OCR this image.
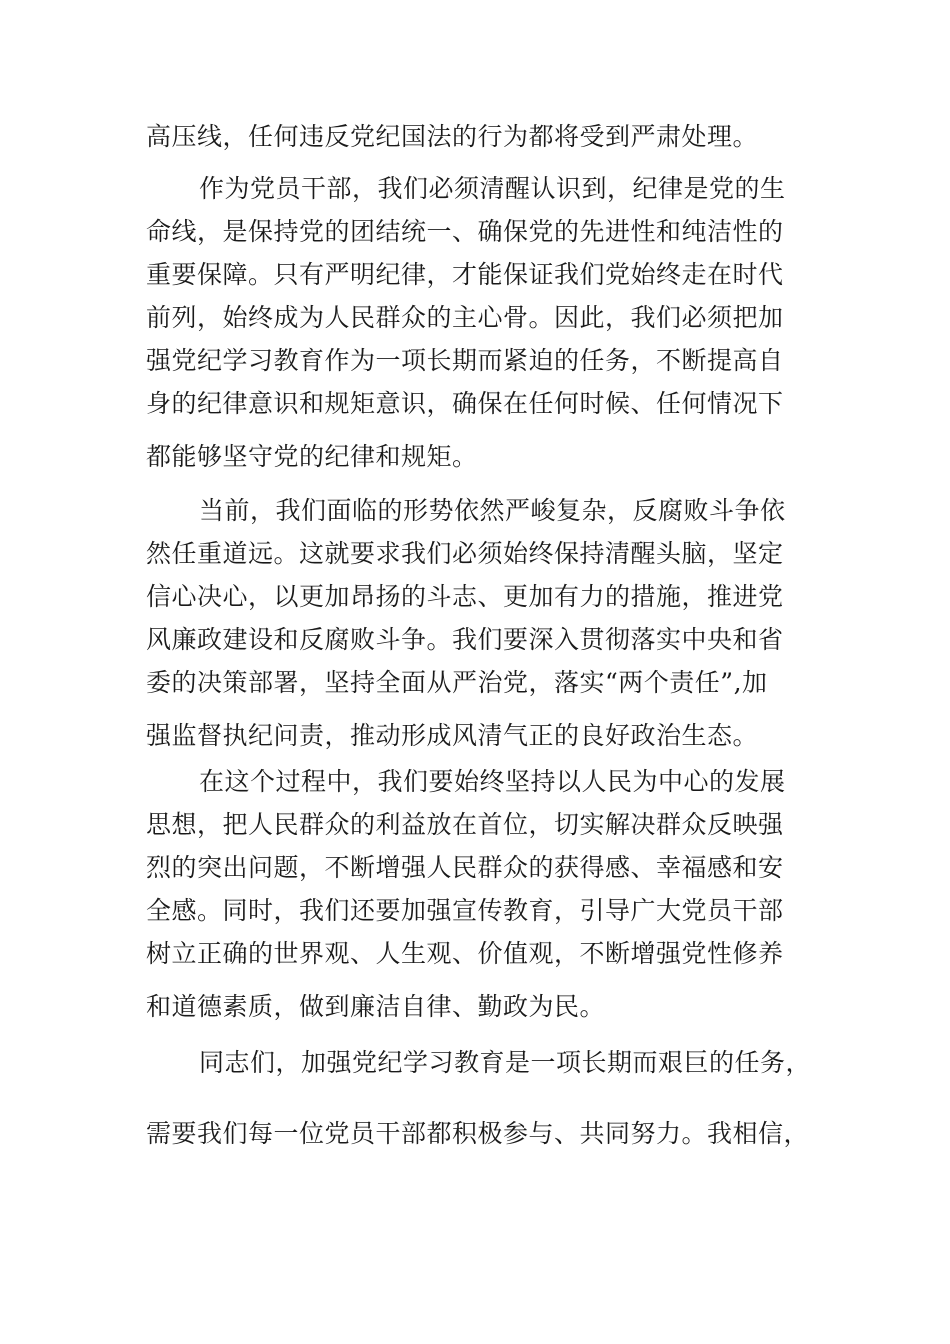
高压线，任何违反党纪国法的行为都将受到严肃处理。
作为党员干部，我们必须清醒认识到，纪律是党的生
命线，是保持党的团结统一、确保党的先进性和纯洁性的
重要保障。只有严明纪律，才能保证我们党始终走在时代
前列，始终成为人民群众的主心骨。因此，我们必须把加
强党纪学习教育作为一项长期而紧迫的任务，不断提高自
身的纪律意识和规矩意识，确保在任何时候、任何情况下
都能够坚守党的纪律和规矩。
当前，我们面临的形势依然严峻复杂，反腐败斗争依
然任重道远。这就要求我们必须始终保持清醒头脑，坚定
信心决心，以更加昂扬的斗志、更加有力的措施，推进党
风廉政建设和反腐败斗争。我们要深入贯彻落实中央和省
委的决策部署，坚持全面从严治党，落实“两个责任”,加
强监督执纪问责，推动形成风清气正的良好政治生态。
在这个过程中，我们要始终坚持以人民为中心的发展
思想，把人民群众的利益放在首位，切实解决群众反映强
烈的突出问题，不断增强人民群众的获得感、幸福感和安
全感。同时，我们还要加强宣传教育，引导广大党员干部
树立正确的世界观、人生观、价值观，不断增强党性修养
和道德素质，做到廉洁自律、勤政为民。
同志们，加强党纪学习教育是一项长期而艰巨的任务，
需要我们每一位党员干部都积极参与、共同努力。我相信，
